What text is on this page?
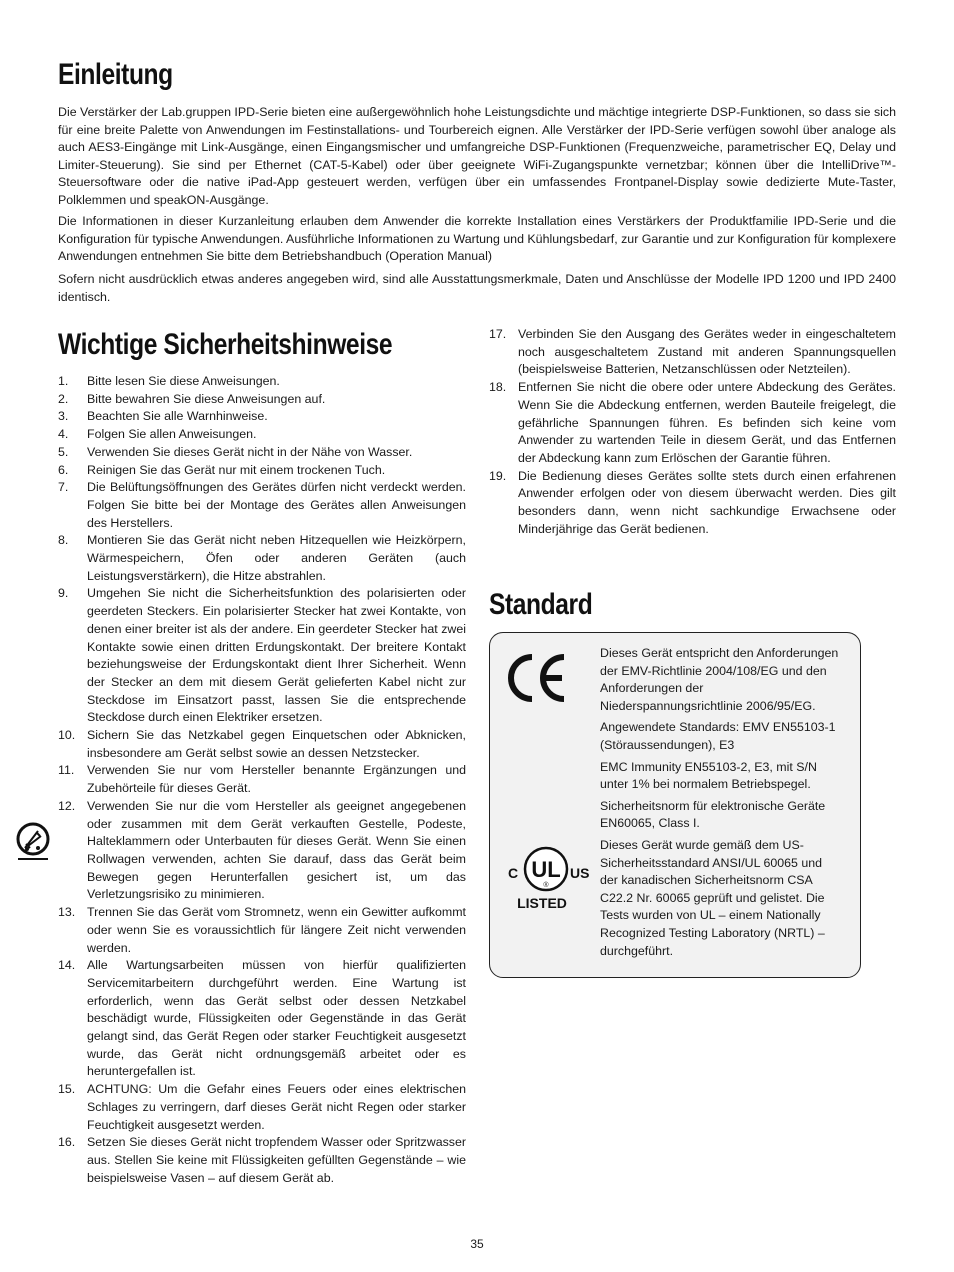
Einleitung

Die Verstärker der Lab.gruppen IPD-Serie bieten eine außergewöhnlich hohe Leistungsdichte und mächtige integrierte DSP-Funktionen, so dass sie sich für eine breite Palette von Anwendungen im Festinstallations- und Tourbereich eignen. Alle Verstärker der IPD-Serie verfügen sowohl über analoge als auch AES3-Eingänge mit Link-Ausgänge, einen Eingangsmischer und umfangreiche DSP-Funktionen (Frequenzweiche, parametrischer EQ, Delay und Limiter-Steuerung). Sie sind per Ethernet (CAT-5-Kabel) oder über geeignete WiFi-Zugangspunkte vernetzbar; können über die IntelliDrive™-Steuersoftware oder die native iPad-App gesteuert werden, verfügen über ein umfassendes Frontpanel-Display sowie dedizierte Mute-Taster, Polklemmen und speakON-Ausgänge.

Die Informationen in dieser Kurzanleitung erlauben dem Anwender die korrekte Installation eines Verstärkers der Produktfamilie IPD-Serie und die Konfiguration für typische Anwendungen. Ausführliche Informationen zu Wartung und Kühlungsbedarf, zur Garantie und zur Konfiguration für komplexere Anwendungen entnehmen Sie bitte dem Betriebshandbuch (Operation Manual)

Sofern nicht ausdrücklich etwas anderes angegeben wird, sind alle Ausstattungsmerkmale, Daten und Anschlüsse der Modelle IPD 1200 und IPD 2400 identisch.

Wichtige Sicherheitshinweise
1. Bitte lesen Sie diese Anweisungen.
2. Bitte bewahren Sie diese Anweisungen auf.
3. Beachten Sie alle Warnhinweise.
4. Folgen Sie allen Anweisungen.
5. Verwenden Sie dieses Gerät nicht in der Nähe von Wasser.
6. Reinigen Sie das Gerät nur mit einem trockenen Tuch.
7. Die Belüftungsöffnungen des Gerätes dürfen nicht verdeckt werden. Folgen Sie bitte bei der Montage des Gerätes allen Anweisungen des Herstellers.
8. Montieren Sie das Gerät nicht neben Hitzequellen wie Heizkörpern, Wärmespeichern, Öfen oder anderen Geräten (auch Leistungsverstärkern), die Hitze abstrahlen.
9. Umgehen Sie nicht die Sicherheitsfunktion des polarisierten oder geerdeten Steckers. Ein polarisierter Stecker hat zwei Kontakte, von denen einer breiter ist als der andere. Ein geerdeter Stecker hat zwei Kontakte sowie einen dritten Erdungskontakt. Der breitere Kontakt beziehungsweise der Erdungskontakt dient Ihrer Sicherheit. Wenn der Stecker an dem mit diesem Gerät gelieferten Kabel nicht zur Steckdose im Einsatzort passt, lassen Sie die entsprechende Steckdose durch einen Elektriker ersetzen.
10. Sichern Sie das Netzkabel gegen Einquetschen oder Abknicken, insbesondere am Gerät selbst sowie an dessen Netzstecker.
11. Verwenden Sie nur vom Hersteller benannte Ergänzungen und Zubehörteile für dieses Gerät.
12. Verwenden Sie nur die vom Hersteller als geeignet angegebenen oder zusammen mit dem Gerät verkauften Gestelle, Podeste, Halteklammern oder Unterbauten für dieses Gerät. Wenn Sie einen Rollwagen verwenden, achten Sie darauf, dass das Gerät beim Bewegen gegen Herunterfallen gesichert ist, um das Verletzungsrisiko zu minimieren.
13. Trennen Sie das Gerät vom Stromnetz, wenn ein Gewitter aufkommt oder wenn Sie es voraussichtlich für längere Zeit nicht verwenden werden.
14. Alle Wartungsarbeiten müssen von hierfür qualifizierten Servicemitarbeitern durchgeführt werden. Eine Wartung ist erforderlich, wenn das Gerät selbst oder dessen Netzkabel beschädigt wurde, Flüssigkeiten oder Gegenstände in das Gerät gelangt sind, das Gerät Regen oder starker Feuchtigkeit ausgesetzt wurde, das Gerät nicht ordnungsgemäß arbeitet oder es heruntergefallen ist.
15. ACHTUNG: Um die Gefahr eines Feuers oder eines elektrischen Schlages zu verringern, darf dieses Gerät nicht Regen oder starker Feuchtigkeit ausgesetzt werden.
16. Setzen Sie dieses Gerät nicht tropfendem Wasser oder Spritzwasser aus. Stellen Sie keine mit Flüssigkeiten gefüllten Gegenstände – wie beispielsweise Vasen – auf diesem Gerät ab.
17. Verbinden Sie den Ausgang des Gerätes weder in eingeschaltetem noch ausgeschaltetem Zustand mit anderen Spannungsquellen (beispielsweise Batterien, Netzanschlüssen oder Netzteilen).
18. Entfernen Sie nicht die obere oder untere Abdeckung des Gerätes. Wenn Sie die Abdeckung entfernen, werden Bauteile freigelegt, die gefährliche Spannungen führen. Es befinden sich keine vom Anwender zu wartenden Teile in diesem Gerät, und das Entfernen der Abdeckung kann zum Erlöschen der Garantie führen.
19. Die Bedienung dieses Gerätes sollte stets durch einen erfahrenen Anwender erfolgen oder von diesem überwacht werden. Dies gilt besonders dann, wenn nicht sachkundige Erwachsene oder Minderjährige das Gerät bedienen.
Standard
UL
®
C	US
LISTED

Dieses Gerät entspricht den Anforderungen der EMV-Richtlinie 2004/108/EG und den Anforderungen der Niederspannungsrichtlinie 2006/95/EG.

Angewendete Standards: EMV EN55103-1 (Störaussendungen), E3

EMC Immunity EN55103-2, E3, mit S/N unter 1% bei normalem Betriebspegel.

Sicherheitsnorm für elektronische Geräte EN60065, Class I.

Dieses Gerät wurde gemäß dem US-Sicherheitsstandard ANSI/UL 60065 und der kanadischen Sicherheitsnorm CSA C22.2 Nr. 60065 geprüft und gelistet. Die Tests wurden von UL – einem Nationally Recognized Testing Laboratory (NRTL) – durchgeführt.

35
